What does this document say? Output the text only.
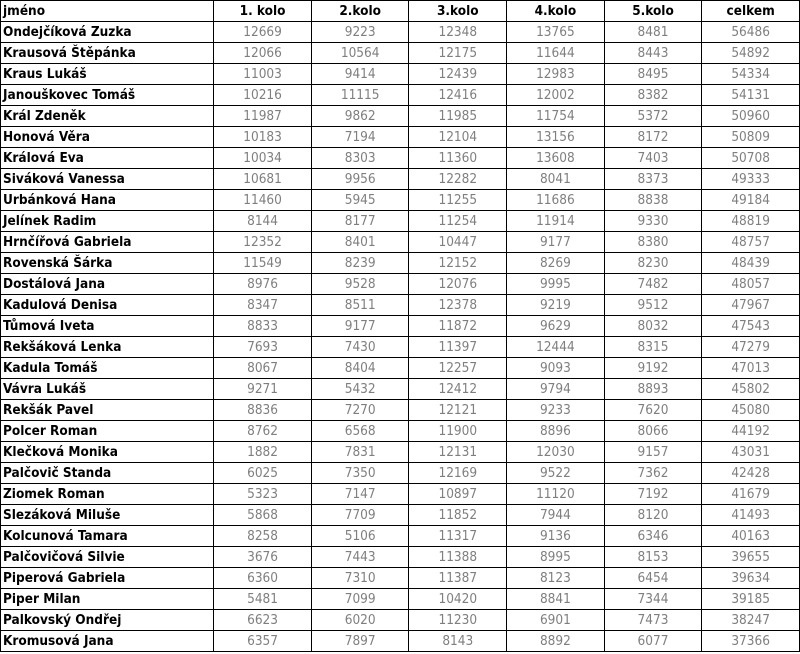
jméno	1. kolo	2.kolo	3.kolo	4.kolo	5.kolo	celkem
Ondejčíková Zuzka	12669	9223	12348	13765	8481	56486
Krausová Štěpánka	12066	10564	12175	11644	8443	54892
Kraus Lukáš	11003	9414	12439	12983	8495	54334
Janouškovec Tomáš	10216	11115	12416	12002	8382	54131
Král Zdeněk	11987	9862	11985	11754	5372	50960
Honová Věra	10183	7194	12104	13156	8172	50809
Králová Eva	10034	8303	11360	13608	7403	50708
Siváková Vanessa	10681	9956	12282	8041	8373	49333
Urbánková Hana	11460	5945	11255	11686	8838	49184
Jelínek Radim	8144	8177	11254	11914	9330	48819
Hrnčířová Gabriela	12352	8401	10447	9177	8380	48757
Rovenská Šárka	11549	8239	12152	8269	8230	48439
Dostálová Jana	8976	9528	12076	9995	7482	48057
Kadulová Denisa	8347	8511	12378	9219	9512	47967
Tůmová Iveta	8833	9177	11872	9629	8032	47543
Rekšáková Lenka	7693	7430	11397	12444	8315	47279
Kadula Tomáš	8067	8404	12257	9093	9192	47013
Vávra Lukáš	9271	5432	12412	9794	8893	45802
Rekšák Pavel	8836	7270	12121	9233	7620	45080
Polcer Roman	8762	6568	11900	8896	8066	44192
Klečková Monika	1882	7831	12131	12030	9157	43031
Palčovič Standa	6025	7350	12169	9522	7362	42428
Ziomek Roman	5323	7147	10897	11120	7192	41679
Slezáková Miluše	5868	7709	11852	7944	8120	41493
Kolcunová Tamara	8258	5106	11317	9136	6346	40163
Palčovičová Silvie	3676	7443	11388	8995	8153	39655
Piperová Gabriela	6360	7310	11387	8123	6454	39634
Piper Milan	5481	7099	10420	8841	7344	39185
Palkovský Ondřej	6623	6020	11230	6901	7473	38247
Kromusová Jana	6357	7897	8143	8892	6077	37366
